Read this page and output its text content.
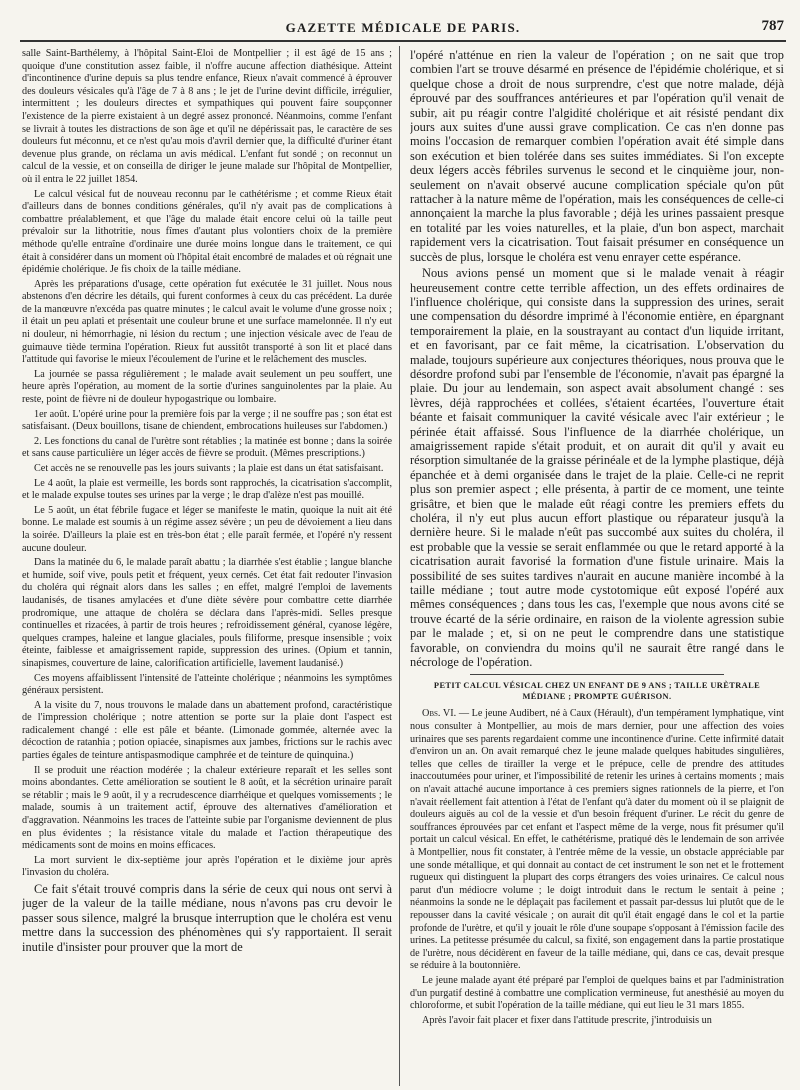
GAZETTE MÉDICALE DE PARIS.	787

salle Saint-Barthélemy, à l'hôpital Saint-Éloi de Montpellier ; il est âgé de 15 ans ; quoique d'une constitution assez faible, il n'offre aucune affection diathésique. Atteint d'incontinence d'urine depuis sa plus tendre enfance, Rieux n'avait commencé à éprouver des douleurs vésicales qu'à l'âge de 7 à 8 ans ; le jet de l'urine devint difficile, irrégulier, intermittent ; les douleurs directes et sympathiques qui pouvent faire soupçonner l'existence de la pierre existaient à un degré assez prononcé. Néanmoins, comme l'enfant se livrait à toutes les distractions de son âge et qu'il ne dépérissait pas, le caractère de ses douleurs fut méconnu, et ce n'est qu'au mois d'avril dernier que, la difficulté d'uriner étant devenue plus grande, on réclama un avis médical. L'enfant fut sondé ; on reconnut un calcul de la vessie, et on conseilla de diriger le jeune malade sur l'hôpital de Montpellier, où il entra le 22 juillet 1854.

Le calcul vésical fut de nouveau reconnu par le cathétérisme ; et comme Rieux était d'ailleurs dans de bonnes conditions générales, qu'il n'y avait pas de complications à combattre préalablement, et que l'âge du malade était encore celui où la taille peut prévaloir sur la lithotritie, nous fîmes d'autant plus volontiers choix de la première méthode qu'elle entraîne d'ordinaire une durée moins longue dans le traitement, ce qui était à considérer dans un moment où l'hôpital était encombré de malades et où régnait une épidémie cholérique. Je fis choix de la taille médiane.

Après les préparations d'usage, cette opération fut exécutée le 31 juillet. Nous nous abstenons d'en décrire les détails, qui furent conformes à ceux du cas précédent. La durée de la manœuvre n'excéda pas quatre minutes ; le calcul avait le volume d'une grosse noix ; il était un peu aplati et présentait une couleur brune et une surface mamelonnée. Il n'y eut ni douleur, ni hémorrhagie, ni lésion du rectum ; une injection vésicale avec de l'eau de guimauve tiède termina l'opération. Rieux fut aussitôt transporté à son lit et placé dans l'attitude qui favorise le mieux l'écoulement de l'urine et le relâchement des muscles.

La journée se passa régulièrement ; le malade avait seulement un peu souffert, une heure après l'opération, au moment de la sortie d'urines sanguinolentes par la plaie. Au reste, point de fièvre ni de douleur hypogastrique ou lombaire.

1er août. L'opéré urine pour la première fois par la verge ; il ne souffre pas ; son état est satisfaisant. (Deux bouillons, tisane de chiendent, embrocations huileuses sur l'abdomen.)

2. Les fonctions du canal de l'urètre sont rétablies ; la matinée est bonne ; dans la soirée et sans cause particulière un léger accès de fièvre se produit. (Mêmes prescriptions.)

Cet accès ne se renouvelle pas les jours suivants ; la plaie est dans un état satisfaisant.

Le 4 août, la plaie est vermeille, les bords sont rapprochés, la cicatrisation s'accomplit, et le malade expulse toutes ses urines par la verge ; le drap d'alèze n'est pas mouillé.

Le 5 août, un état fébrile fugace et léger se manifeste le matin, quoique la nuit ait été bonne. Le malade est soumis à un régime assez sévère ; un peu de dévoiement a lieu dans la soirée. D'ailleurs la plaie est en très-bon état ; elle paraît fermée, et l'opéré n'y ressent aucune douleur.

Dans la matinée du 6, le malade paraît abattu ; la diarrhée s'est établie ; langue blanche et humide, soif vive, pouls petit et fréquent, yeux cernés. Cet état fait redouter l'invasion du choléra qui régnait alors dans les salles ; en effet, malgré l'emploi de lavements laudanisés, de tisanes amylacées et d'une diète sévère pour combattre cette diarrhée prodromique, une attaque de choléra se déclara dans l'après-midi. Selles presque continuelles et rizacées, à partir de trois heures ; refroidissement général, cyanose légère, quelques crampes, haleine et langue glaciales, pouls filiforme, presque insensible ; voix éteinte, faiblesse et amaigrissement rapide, suppression des urines. (Opium et tannin, sinapismes, couverture de laine, calorification artificielle, lavement laudanisé.)

Ces moyens affaiblissent l'intensité de l'atteinte cholérique ; néanmoins les symptômes généraux persistent.

A la visite du 7, nous trouvons le malade dans un abattement profond, caractéristique de l'impression cholérique ; notre attention se porte sur la plaie dont l'aspect est radicalement changé : elle est pâle et béante. (Limonade gommée, alternée avec la décoction de ratanhia ; potion opiacée, sinapismes aux jambes, frictions sur le rachis avec parties égales de teinture antispasmodique camphrée et de teinture de quinquina.)

Il se produit une réaction modérée ; la chaleur extérieure reparaît et les selles sont moins abondantes. Cette amélioration se soutient le 8 août, et la sécrétion urinaire paraît se rétablir ; mais le 9 août, il y a recrudescence diarrhéique et quelques vomissements ; le malade, soumis à un traitement actif, éprouve des alternatives d'amélioration et d'aggravation. Néanmoins les traces de l'atteinte subie par l'organisme deviennent de plus en plus évidentes ; la résistance vitale du malade et l'action thérapeutique des médicaments sont de moins en moins efficaces.

La mort survient le dix-septième jour après l'opération et le dixième jour après l'invasion du choléra.

Ce fait s'était trouvé compris dans la série de ceux qui nous ont servi à juger de la valeur de la taille médiane, nous n'avons pas cru devoir le passer sous silence, malgré la brusque interruption que le choléra est venu mettre dans la succession des phénomènes qui s'y rapportaient. Il serait inutile d'insister pour prouver que la mort de

l'opéré n'atténue en rien la valeur de l'opération ; on ne sait que trop combien l'art se trouve désarmé en présence de l'épidémie cholérique, et si quelque chose a droit de nous surprendre, c'est que notre malade, déjà éprouvé par des souffrances antérieures et par l'opération qu'il venait de subir, ait pu réagir contre l'algidité cholérique et ait résisté pendant dix jours aux suites d'une aussi grave complication. Ce cas n'en donne pas moins l'occasion de remarquer combien l'opération avait été simple dans son exécution et bien tolérée dans ses suites immédiates. Si l'on excepte deux légers accès fébriles survenus le second et le cinquième jour, non-seulement on n'avait observé aucune complication spéciale qu'on pût rattacher à la nature même de l'opération, mais les conséquences de celle-ci annonçaient la marche la plus favorable ; déjà les urines passaient presque en totalité par les voies naturelles, et la plaie, d'un bon aspect, marchait rapidement vers la cicatrisation. Tout faisait présumer en conséquence un succès de plus, lorsque le choléra est venu enrayer cette espérance.

Nous avions pensé un moment que si le malade venait à réagir heureusement contre cette terrible affection, un des effets ordinaires de l'influence cholérique, qui consiste dans la suppression des urines, serait une compensation du désordre imprimé à l'économie entière, en épargnant temporairement la plaie, en la soustrayant au contact d'un liquide irritant, et en favorisant, par ce fait même, la cicatrisation. L'observation du malade, toujours supérieure aux conjectures théoriques, nous prouva que le désordre profond subi par l'ensemble de l'économie, n'avait pas épargné la plaie. Du jour au lendemain, son aspect avait absolument changé : ses lèvres, déjà rapprochées et collées, s'étaient écartées, l'ouverture était béante et faisait communiquer la cavité vésicale avec l'air extérieur ; le périnée était affaissé. Sous l'influence de la diarrhée cholérique, un amaigrissement rapide s'était produit, et on aurait dit qu'il y avait eu résorption simultanée de la graisse périnéale et de la lymphe plastique, déjà épanchée et à demi organisée dans le trajet de la plaie. Celle-ci ne reprit plus son premier aspect ; elle présenta, à partir de ce moment, une teinte grisâtre, et bien que le malade eût réagi contre les premiers effets du choléra, il n'y eut plus aucun effort plastique ou réparateur jusqu'à la dernière heure. Si le malade n'eût pas succombé aux suites du choléra, il est probable que la vessie se serait enflammée ou que le retard apporté à la cicatrisation aurait favorisé la formation d'une fistule urinaire. Mais la possibilité de ses suites tardives n'aurait en aucune manière incombé à la taille médiane ; tout autre mode cystotomique eût exposé l'opéré aux mêmes conséquences ; dans tous les cas, l'exemple que nous avons cité se trouve écarté de la série ordinaire, en raison de la violente agression subie par le malade ; et, si on ne peut le comprendre dans une statistique favorable, on conviendra du moins qu'il ne saurait être rangé dans le nécrologe de l'opération.

PETIT CALCUL VÉSICAL CHEZ UN ENFANT DE 9 ANS ; TAILLE URÈTRALE MÉDIANE ; PROMPTE GUÉRISON.

Obs. VI. — Le jeune Audibert, né à Caux (Hérault), d'un tempérament lymphatique, vint nous consulter à Montpellier, au mois de mars dernier, pour une affection des voies urinaires que ses parents regardaient comme une incontinence d'urine. Cette infirmité datait d'environ un an. On avait remarqué chez le jeune malade quelques habitudes singulières, telles que celles de tirailler la verge et le prépuce, celle de prendre des attitudes inaccoutumées pour uriner, et l'impossibilité de retenir les urines à certains moments ; mais on n'avait attaché aucune importance à ces premiers signes rationnels de la pierre, et l'on n'avait réellement fait attention à l'état de l'enfant qu'à dater du moment où il se plaignit de douleurs aiguës au col de la vessie et d'un besoin fréquent d'uriner. Le récit du genre de souffrances éprouvées par cet enfant et l'aspect même de la verge, nous fit présumer qu'il portait un calcul vésical. En effet, le cathétérisme, pratiqué dès le lendemain de son arrivée à Montpellier, nous fit constater, à l'entrée même de la vessie, un obstacle appréciable par une sonde métallique, et qui donnait au contact de cet instrument le son net et le frottement rugueux qui distinguent la plupart des corps étrangers des voies urinaires. Ce calcul nous parut d'un médiocre volume ; le doigt introduit dans le rectum le sentait à peine ; néanmoins la sonde ne le déplaçait pas facilement et passait par-dessus lui plutôt que de le repousser dans la cavité vésicale ; on aurait dit qu'il était engagé dans le col et la partie profonde de l'urètre, et qu'il y jouait le rôle d'une soupape s'opposant à l'émission facile des urines. La petitesse présumée du calcul, sa fixité, son engagement dans la partie prostatique de l'urètre, nous décidèrent en faveur de la taille médiane, qui, dans ce cas, devait presque se réduire à la boutonnière.

Le jeune malade ayant été préparé par l'emploi de quelques bains et par l'administration d'un purgatif destiné à combattre une complication vermineuse, fut anesthésié au moyen du chloroforme, et subit l'opération de la taille médiane, qui eut lieu le 31 mars 1855.

Après l'avoir fait placer et fixer dans l'attitude prescrite, j'introduisis un
